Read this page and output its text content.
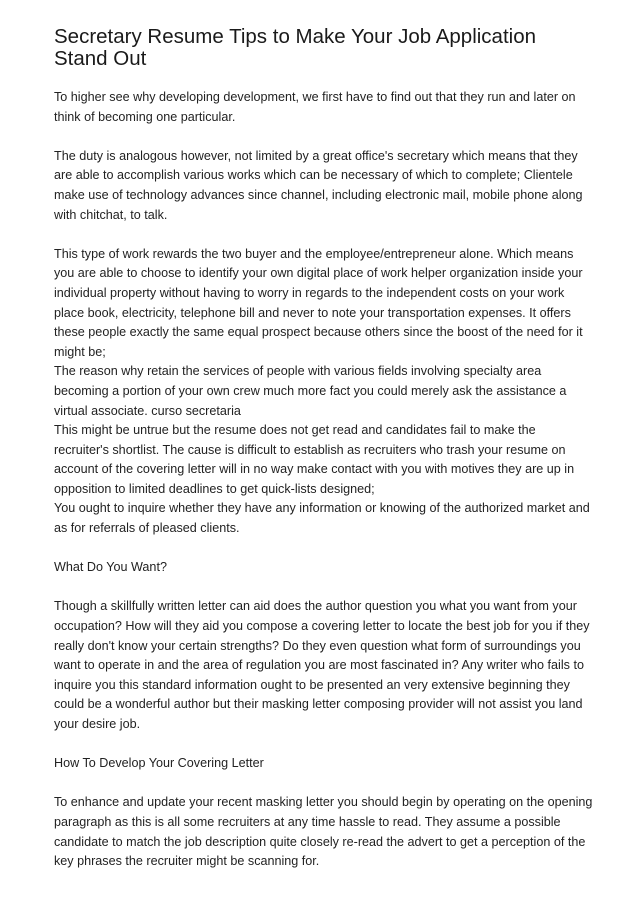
Secretary Resume Tips to Make Your Job Application Stand Out

To higher see why developing development, we first have to find out that they run and later on think of becoming one particular.

The duty is analogous however, not limited by a great office's secretary which means that they are able to accomplish various works which can be necessary of which to complete; Clientele make use of technology advances since channel, including electronic mail, mobile phone along with chitchat, to talk.

This type of work rewards the two buyer and the employee/entrepreneur alone. Which means you are able to choose to identify your own digital place of work helper organization inside your individual property without having to worry in regards to the independent costs on your work place book, electricity, telephone bill and never to note your transportation expenses. It offers these people exactly the same equal prospect because others since the boost of the need for it might be;
The reason why retain the services of people with various fields involving specialty area becoming a portion of your own crew much more fact you could merely ask the assistance a virtual associate. curso secretaria
This might be untrue but the resume does not get read and candidates fail to make the recruiter's shortlist. The cause is difficult to establish as recruiters who trash your resume on account of the covering letter will in no way make contact with you with motives they are up in opposition to limited deadlines to get quick-lists designed;
You ought to inquire whether they have any information or knowing of the authorized market and as for referrals of pleased clients.

What Do You Want?

Though a skillfully written letter can aid does the author question you what you want from your occupation? How will they aid you compose a covering letter to locate the best job for you if they really don't know your certain strengths? Do they even question what form of surroundings you want to operate in and the area of regulation you are most fascinated in? Any writer who fails to inquire you this standard information ought to be presented an very extensive beginning they could be a wonderful author but their masking letter composing provider will not assist you land your desire job.

How To Develop Your Covering Letter

To enhance and update your recent masking letter you should begin by operating on the opening paragraph as this is all some recruiters at any time hassle to read. They assume a possible candidate to match the job description quite closely re-read the advert to get a perception of the key phrases the recruiter might be scanning for.
